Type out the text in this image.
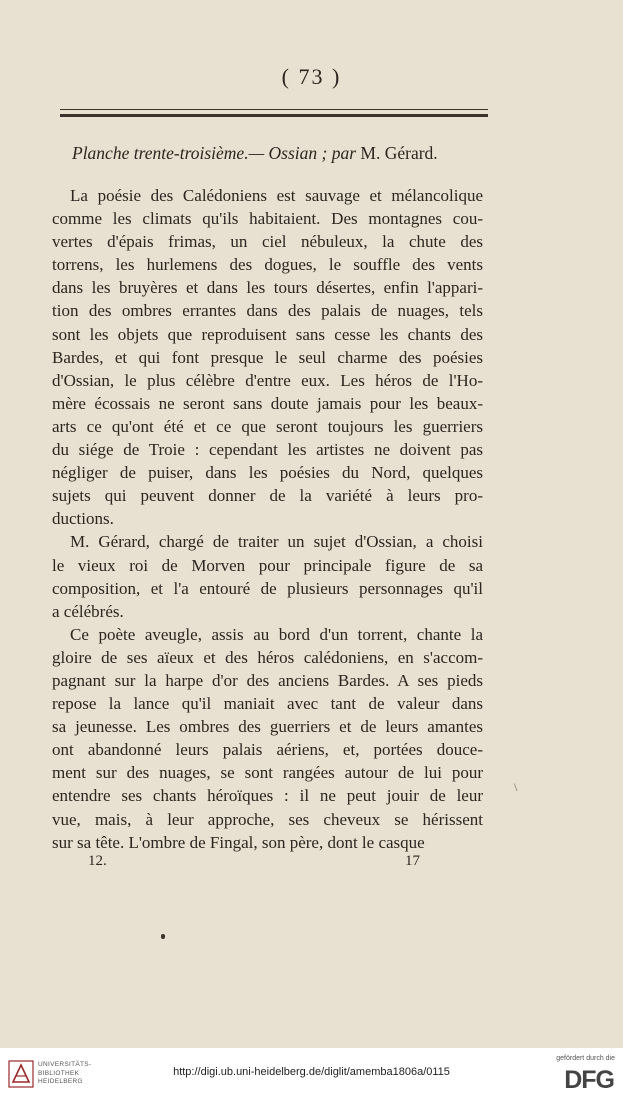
( 73 )
Planche trente-troisième.— Ossian ; par M. Gérard.

La poésie des Calédoniens est sauvage et mélancolique
comme les climats qu'ils habitaient. Des montagnes cou-
vertes d'épais frimas, un ciel nébuleux, la chute des
torrens, les hurlemens des dogues, le souffle des vents
dans les bruyères et dans les tours désertes, enfin l'appari-
tion des ombres errantes dans des palais de nuages, tels
sont les objets que reproduisent sans cesse les chants des
Bardes, et qui font presque le seul charme des poésies
d'Ossian, le plus célèbre d'entre eux. Les héros de l'Ho-
mère écossais ne seront sans doute jamais pour les beaux-
arts ce qu'ont été et ce que seront toujours les guerriers
du siége de Troie : cependant les artistes ne doivent pas
négliger de puiser, dans les poésies du Nord, quelques
sujets qui peuvent donner de la variété à leurs pro-
ductions.

M. Gérard, chargé de traiter un sujet d'Ossian, a choisi
le vieux roi de Morven pour principale figure de sa
composition, et l'a entouré de plusieurs personnages qu'il
a célébrés.

Ce poète aveugle, assis au bord d'un torrent, chante la
gloire de ses aïeux et des héros calédoniens, en s'accom-
pagnant sur la harpe d'or des anciens Bardes. A ses pieds
repose la lance qu'il maniait avec tant de valeur dans
sa jeunesse. Les ombres des guerriers et de leurs amantes
ont abandonné leurs palais aériens, et, portées douce-
ment sur des nuages, se sont rangées autour de lui pour
entendre ses chants héroïques : il ne peut jouir de leur
vue, mais, à leur approche, ses cheveux se hérissent
sur sa tête. L'ombre de Fingal, son père, dont le casque

\
12.	17
UNIVERSITÄTS-
BIBLIOTHEK
HEIDELBERG
http://digi.ub.uni-heidelberg.de/diglit/amemba1806a/0115
gefördert durch die
DFG
